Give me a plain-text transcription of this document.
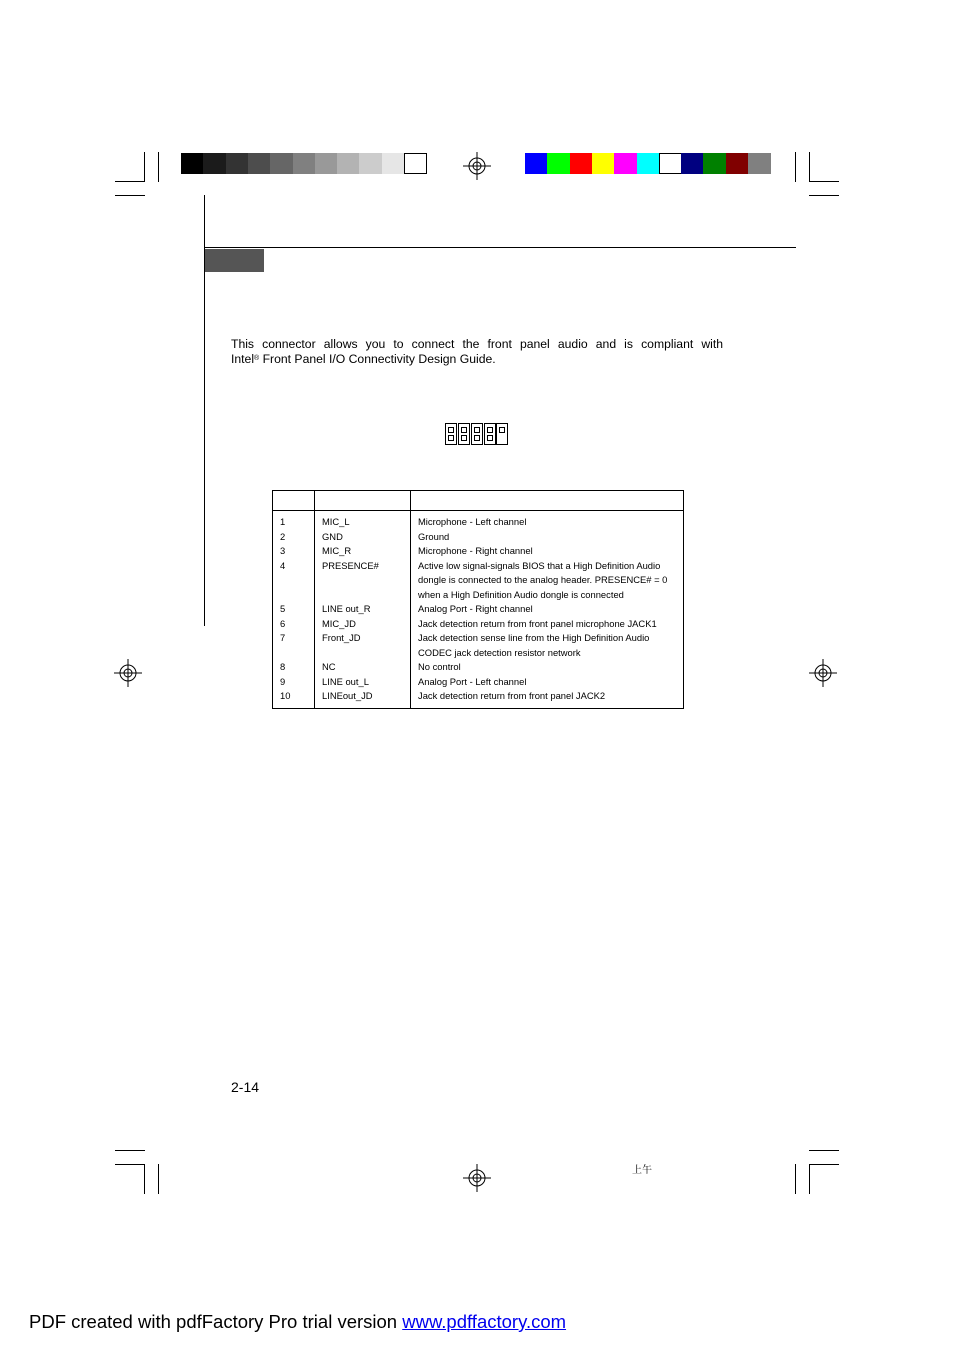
This connector allows you to connect the front panel audio and is compliant with
Intel® Front Panel I/O Connectivity Design Guide.

1	MIC_L	Microphone - Left channel
2	GND	Ground
3	MIC_R	Microphone - Right channel
4	PRESENCE#	Active low signal-signals BIOS that a High Definition Audio dongle is connected to the analog header. PRESENCE# = 0 when a High Definition Audio dongle is connected
5	LINE out_R	Analog Port - Right channel
6	MIC_JD	Jack detection return from front panel microphone JACK1
7	Front_JD	Jack detection sense line from the High Definition Audio CODEC jack detection resistor network
8	NC	No control
9	LINE out_L	Analog Port - Left channel
10	LINEout_JD	Jack detection return from front panel JACK2
2-14
上午
PDF created with pdfFactory Pro trial version www.pdffactory.com
